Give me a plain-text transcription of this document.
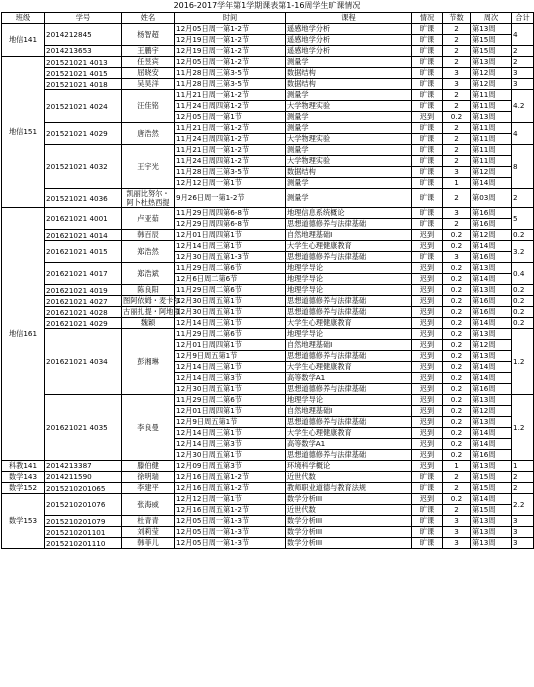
2016-2017学年第1学期课表第1-16周学生旷课情况
班级	学号	姓名	时间	课程	情况	节数	周次	合计
地信141	2014212845	杨智超	12月05日周一第1-2节	遥感地学分析	旷课	2	第13周	4
			12月19日周一第1-2节	遥感地学分析	旷课	2	第15周	
	2014213653	王鹏宇	12月19日周一第1-2节	遥感地学分析	旷课	2	第15周	2
地信151	201521021 4013	任昱宾	12月05日周一第1-2节	测量学	旷课	2	第13周	2
	201521021 4015	屈晓安	11月28日周三第3-5节	数据结构	旷课	3	第12周	3
	201521021 4018	吴昊洋	11月28日周三第3-5节	数据结构	旷课	3	第12周	3
	201521021 4024	汪佳铭	11月21日周一第1-2节	测量学	旷课	2	第11周	4.2
			11月24日周四第1-2节	大学物理实验	旷课	2	第11周	
			12月05日周一第1节	测量学	迟到	0.2	第13周	
	201521021 4029	唐浩然	11月21日周一第1-2节	测量学	旷课	2	第11周	4
			11月24日周四第1-2节	大学物理实验	旷课	2	第11周	
	201521021 4032	王宇光	11月21日周一第1-2节	测量学	旷课	2	第11周	8
			11月24日周四第1-2节	大学物理实验	旷课	2	第11周	
			11月28日周三第3-5节	数据结构	旷课	3	第12周	
			12月12日周一第1节	测量学	旷课	1	第14周	
	201521021 4036	凯丽比努尔・阿卜杜热西提	9月26日周一第1-2节	测量学	旷课	2	第03周	2
地信161	201621021 4001	卢亚茹	11月29日周四第6-8节	地理信息系统概论	旷课	3	第16周	5
			12月29日周四第6-8节	思想道德修养与法律基础	旷课	2	第16周	
	201621021 4014	韩百辰	12月01日周四第1节	自然地理基础I	迟到	0.2	第12周	0.2
	201621021 4015	郑浩然	12月14日周三第1节	大学生心理健康教育	迟到	0.2	第14周	3.2
			12月30日周五第1-3节	思想道德修养与法律基础	旷课	3	第16周	
	201621021 4017	郑浩斌	11月29日周二第6节	地理学导论	迟到	0.2	第13周	0.4
			12月6日周二第6节	地理学导论	迟到	0.2	第14周	
	201621021 4019	陈良阳	11月29日周二第6节	地理学导论	迟到	0.2	第13周	0.2
	201621021 4027	图阿依姆・麦卡尔	12月30日周五第1节	思想道德修养与法律基础	迟到	0.2	第16周	0.2
	201621021 4028	古丽扎提・阿地里	12月30日周五第1节	思想道德修养与法律基础	迟到	0.2	第16周	0.2
	201621021 4029	魏颖	12月14日周三第1节	大学生心理健康教育	迟到	0.2	第14周	0.2
	201621021 4034	彭湘琳	11月29日周二第6节	地理学导论	迟到	0.2	第13周	1.2
			12月01日周四第1节	自然地理基础I	迟到	0.2	第12周	
			12月9日周五第1节	思想道德修养与法律基础	迟到	0.2	第13周	
			12月14日周三第1节	大学生心理健康教育	迟到	0.2	第14周	
			12月14日周三第3节	高等数学A1	迟到	0.2	第14周	
			12月30日周五第1节	思想道德修养与法律基础	迟到	0.2	第16周	
	201621021 4035	李良曼	11月29日周二第6节	地理学导论	迟到	0.2	第13周	1.2
			12月01日周四第1节	自然地理基础I	迟到	0.2	第12周	
			12月9日周五第1节	思想道德修养与法律基础	迟到	0.2	第13周	
			12月14日周三第1节	大学生心理健康教育	迟到	0.2	第14周	
			12月14日周三第3节	高等数学A1	迟到	0.2	第14周	
			12月30日周五第1节	思想道德修养与法律基础	迟到	0.2	第16周	
科教141	2014213387	滕伯健	12月09日周五第3节	环境科学概论	迟到	1	第13周	1
数学143	2014211590	徐明瑞	12月16日周五第1-2节	近世代数	旷课	2	第15周	2
数学152	2015210201065	李建平	12月16日周五第1-2节	教师职业道德与教育法规	旷课	2	第15周	2
数学153	2015210201076	张海威	12月12日周一第1节	数学分析III	迟到	0.2	第14周	2.2
			12月16日周五第1-2节	近世代数	旷课	2	第15周	
	2015210201079	杜青青	12月05日周一第1-3节	数学分析III	旷课	3	第13周	3
	2015210201101	刘莉莹	12月05日周一第1-3节	数学分析III	旷课	3	第13周	3
	2015210201110	韩菲儿	12月05日周一第1-3节	数学分析III	旷课	3	第13周	3
